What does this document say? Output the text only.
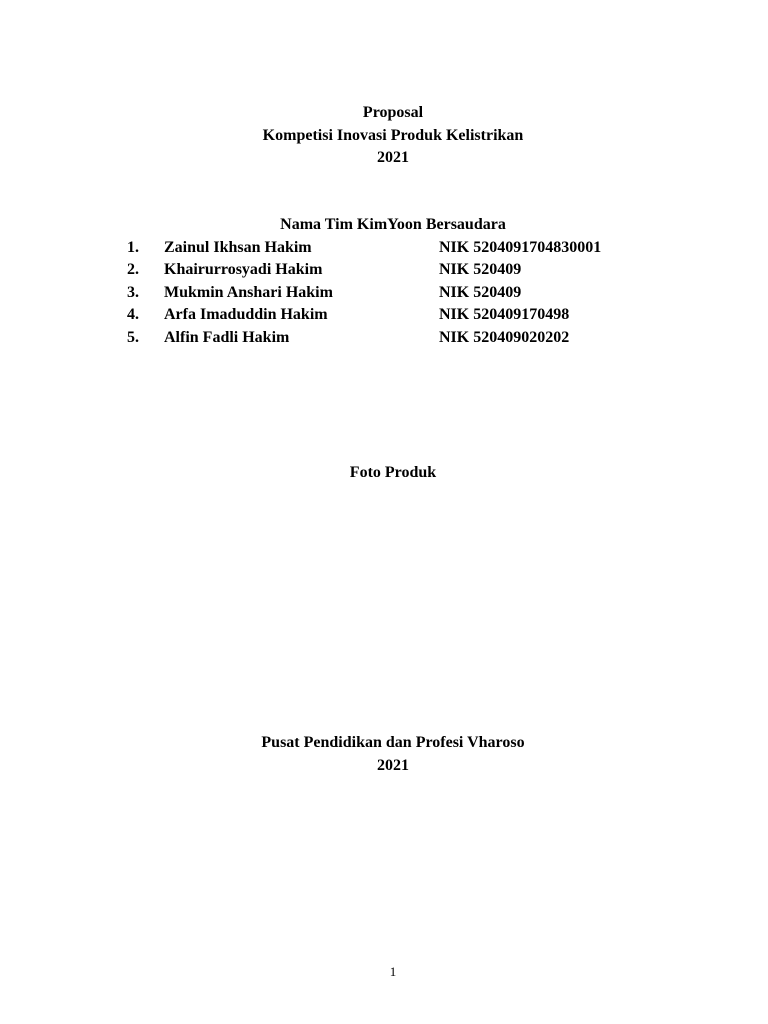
Proposal
Kompetisi Inovasi Produk Kelistrikan
2021
Nama Tim KimYoon Bersaudara
1. Zainul Ikhsan Hakim	NIK 5204091704830001
2. Khairurrosyadi Hakim	NIK 520409
3. Mukmin Anshari Hakim	NIK 520409
4. Arfa Imaduddin Hakim	NIK 520409170498
5. Alfin Fadli Hakim	NIK 520409020202
Foto Produk
Pusat Pendidikan dan Profesi Vharoso
2021
1
